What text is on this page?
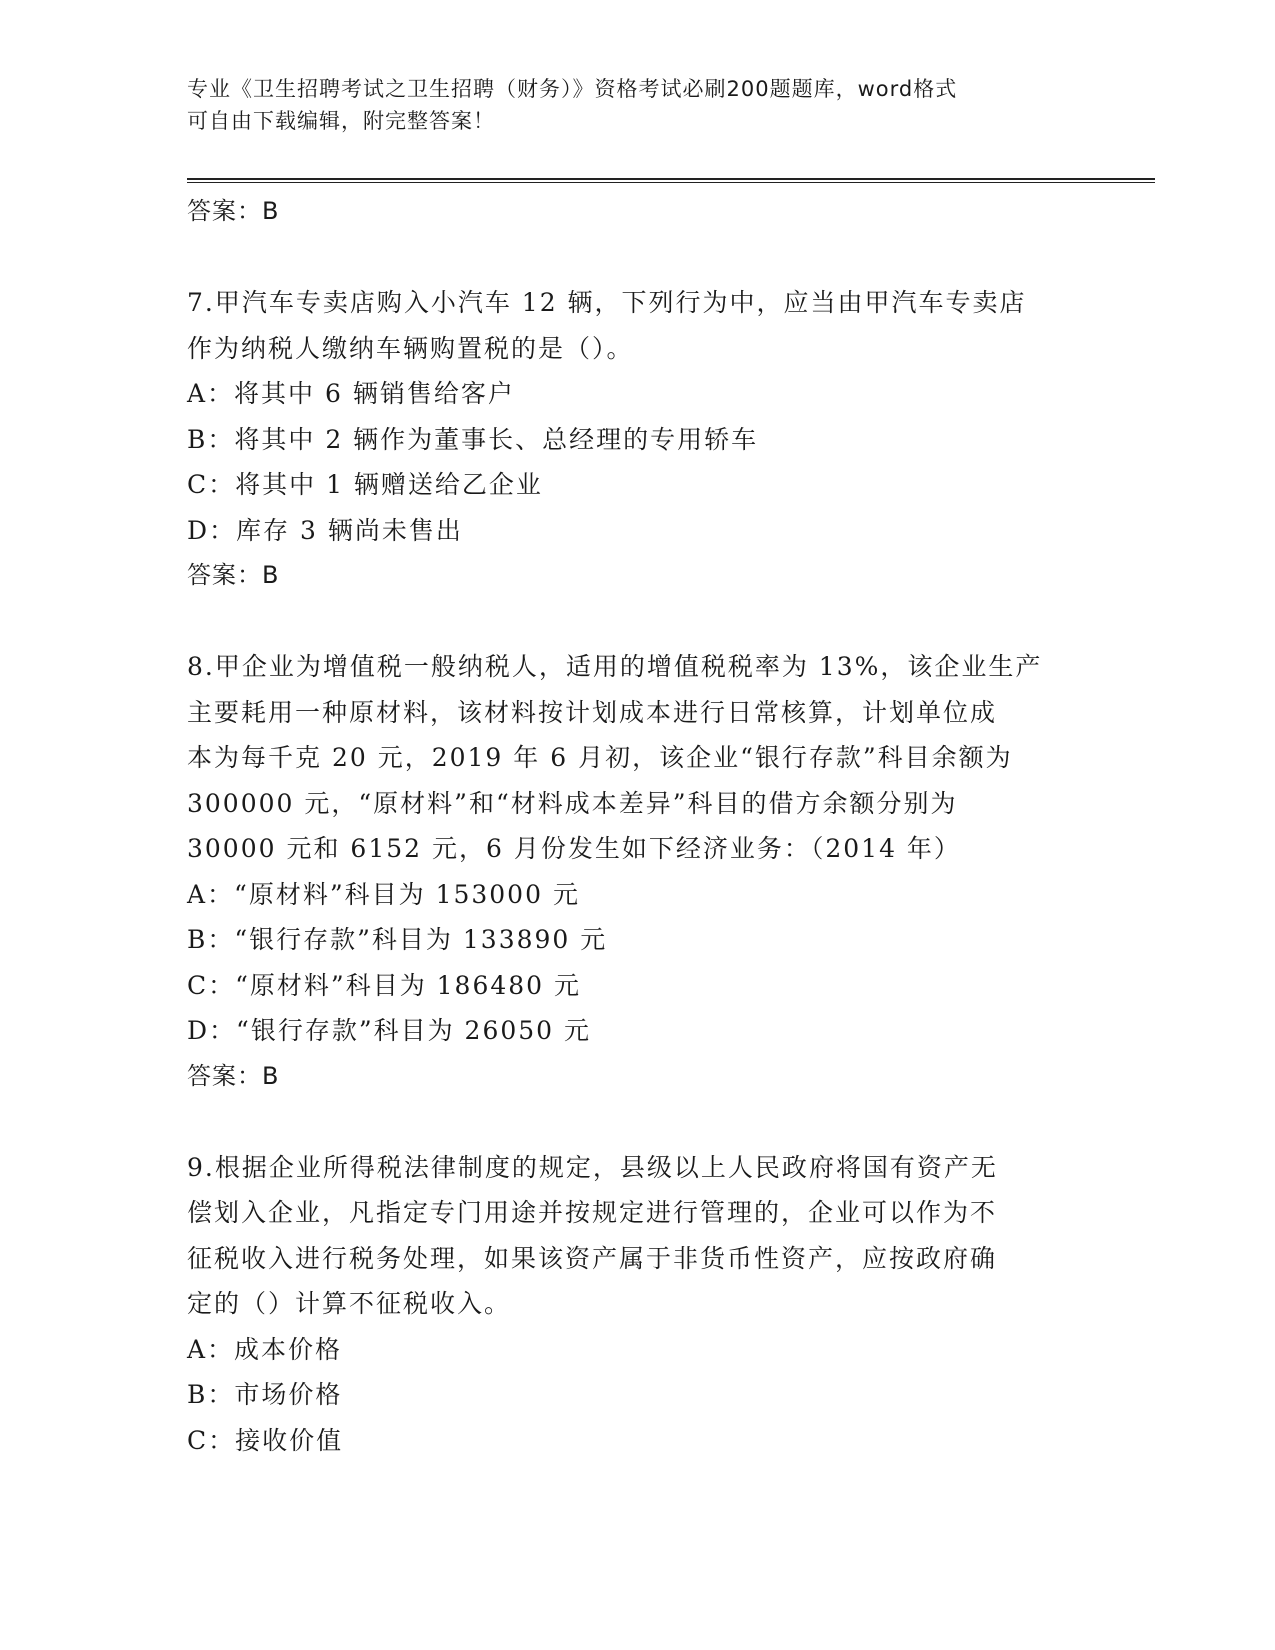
专业《卫生招聘考试之卫生招聘（财务）》资格考试必刷200题题库，word格式
可自由下载编辑，附完整答案！
答案：B
7.甲汽车专卖店购入小汽车 12 辆，下列行为中，应当由甲汽车专卖店
作为纳税人缴纳车辆购置税的是（）。
A：将其中 6 辆销售给客户
B：将其中 2 辆作为董事长、总经理的专用轿车
C：将其中 1 辆赠送给乙企业
D：库存 3 辆尚未售出
答案：B
8.甲企业为增值税一般纳税人，适用的增值税税率为 13%，该企业生产
主要耗用一种原材料，该材料按计划成本进行日常核算，计划单位成
本为每千克 20 元，2019 年 6 月初，该企业“银行存款”科目余额为
300000 元，“原材料”和“材料成本差异”科目的借方余额分别为
30000 元和 6152 元，6 月份发生如下经济业务：（2014 年）
A：“原材料”科目为 153000 元
B：“银行存款”科目为 133890 元
C：“原材料”科目为 186480 元
D：“银行存款”科目为 26050 元
答案：B
9.根据企业所得税法律制度的规定，县级以上人民政府将国有资产无
偿划入企业，凡指定专门用途并按规定进行管理的，企业可以作为不
征税收入进行税务处理，如果该资产属于非货币性资产，应按政府确
定的（）计算不征税收入。
A：成本价格
B：市场价格
C：接收价值
